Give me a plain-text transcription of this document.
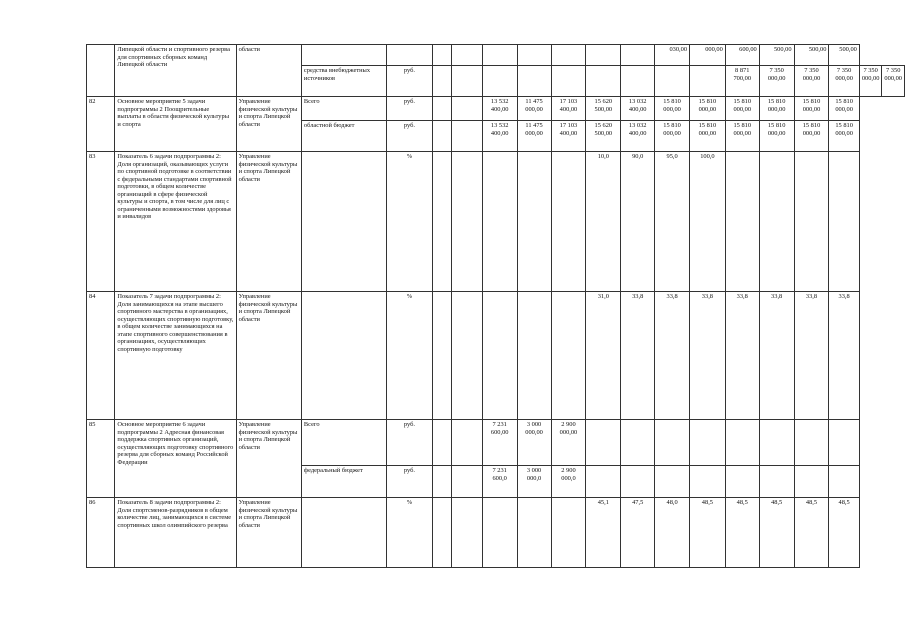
	Липецкой области и спортивного резерва для спортивных сборных команд Липецкой области	области										030,00	000,00	600,00	500,00	500,00	500,00		
			средства внебюджетных источников	руб.										8 871
700,00	7 350
000,00	7 350
000,00	7 350
000,00	7 350
000,00	7 350
000,00

82	Основное мероприятие 5 задачи подпрограммы 2 Поощрительные выплаты в области физической культуры и спорта	Управление физической культуры и спорта Липецкой области	Всего	руб.			13 532
400,00	11 475
000,00	17 103
400,00	15 620
500,00	13 032
400,00	15 810
000,00	15 810
000,00	15 810
000,00	15 810
000,00	15 810
000,00	15 810
000,00		

			областной бюджет	руб.			13 532
400,00	11 475
000,00	17 103
400,00	15 620
500,00	13 032
400,00	15 810
000,00	15 810
000,00	15 810
000,00	15 810
000,00	15 810
000,00	15 810
000,00		

83	Показатель 6 задачи подпрограммы 2: Доля организаций, оказывающих услуги по спортивной подготовке в соответствии с федеральными стандартами спортивной подготовки, в общем количестве организаций в сфере физической культуры и спорта, в том числе для лиц с ограниченными возможностями здоровья и инвалидов	Управление физической культуры и спорта Липецкой области		%						10,0	90,0	95,0	100,0						
84	Показатель 7 задачи подпрограммы 2: Доля занимающихся на этапе высшего спортивного мастерства в организациях, осуществляющих спортивную подготовку, в общем количестве занимающихся на этапе спортивного совершенствования в организациях, осуществляющих спортивную подготовку	Управление физической культуры и спорта Липецкой области		%						31,0	33,8	33,8	33,8	33,8	33,8	33,8	33,8		
85	Основное мероприятие 6 задачи подпрограммы 2 Адресная финансовая поддержка спортивных организаций, осуществляющих подготовку спортивного резерва для сборных команд Российской Федерации	Управление физической культуры и спорта Липецкой области	Всего	руб.			7 231
600,00	3 000
000,00	2 900
000,00										

			федеральный бюджет	руб.			7 231
600,0	3 000
000,0	2 900
000,0										

86	Показатель 8 задачи подпрограммы 2: Доля спортсменов-разрядников в общем количестве лиц, занимающихся в системе спортивных школ олимпийского резерва	Управление физической культуры и спорта Липецкой области		%						45,1	47,5	48,0	48,5	48,5	48,5	48,5	48,5		
